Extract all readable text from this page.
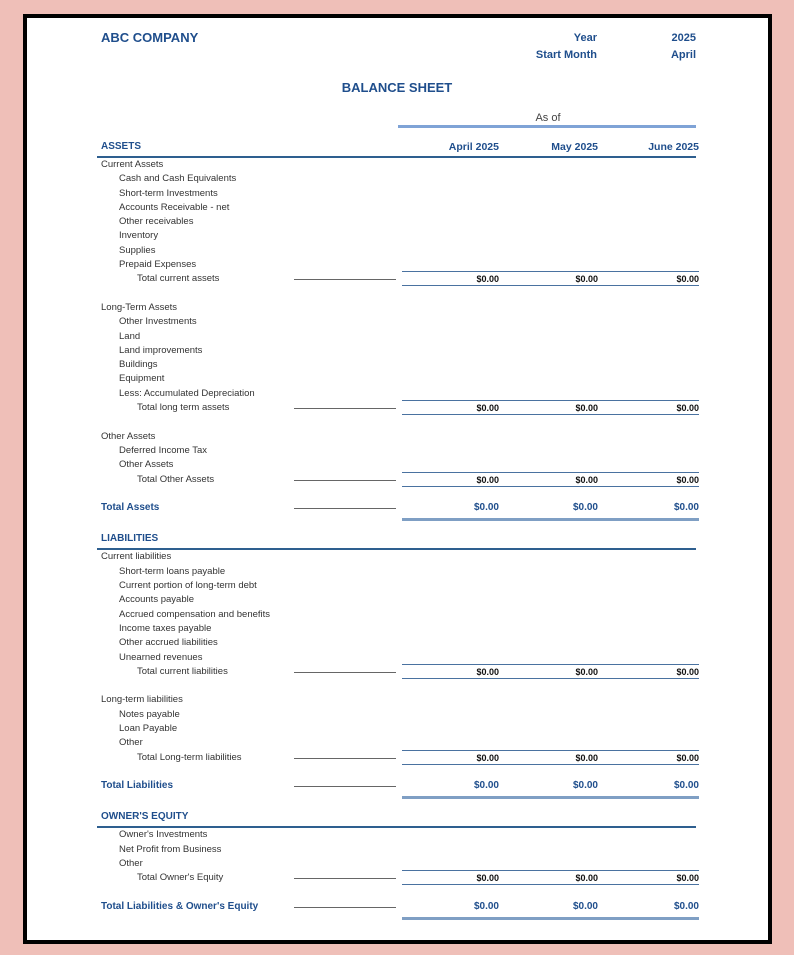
ABC COMPANY	Year	2025
Start Month	April
BALANCE SHEET
As of
ASSETS	April 2025	May 2025	June 2025
Current Assets
Cash and Cash Equivalents
Short-term Investments
Accounts Receivable - net
Other receivables
Inventory
Supplies
Prepaid Expenses
Total current assets	$0.00	$0.00	$0.00
Long-Term Assets
Other Investments
Land
Land improvements
Buildings
Equipment
Less: Accumulated Depreciation
Total long term assets	$0.00	$0.00	$0.00
Other Assets
Deferred Income Tax
Other Assets
Total Other Assets	$0.00	$0.00	$0.00
Total Assets	$0.00	$0.00	$0.00
LIABILITIES
Current liabilities
Short-term loans payable
Current portion of long-term debt
Accounts payable
Accrued compensation and benefits
Income taxes payable
Other accrued liabilities
Unearned revenues
Total current liabilities	$0.00	$0.00	$0.00
Long-term liabilities
Notes payable
Loan Payable
Other
Total Long-term liabilities	$0.00	$0.00	$0.00
Total Liabilities	$0.00	$0.00	$0.00
OWNER'S EQUITY
Owner's Investments
Net Profit from Business
Other
Total Owner's Equity	$0.00	$0.00	$0.00
Total Liabilities & Owner's Equity	$0.00	$0.00	$0.00
